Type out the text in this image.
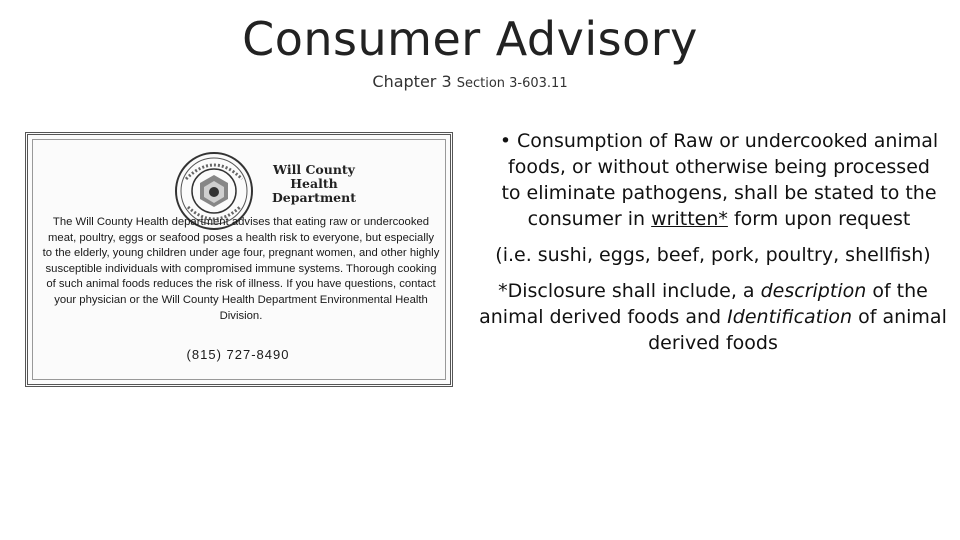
Consumer Advisory
Chapter 3 Section 3-603.11
Will County
Health
Department
The Will County Health department advises that eating raw or undercooked meat, poultry, eggs or seafood poses a health risk to everyone, but especially to the elderly, young children under age four, pregnant women, and other highly susceptible individuals with compromised immune systems. Thorough cooking of such animal foods reduces the risk of illness. If you have questions, contact your physician or the Will County Health Department Environmental Health Division.
(815) 727-8490
• Consumption of Raw or undercooked animal foods, or without otherwise being processed to eliminate pathogens, shall be stated to the consumer in written* form upon request
(i.e. sushi, eggs, beef, pork, poultry, shellfish)
*Disclosure shall include, a description of the animal derived foods and Identification of animal derived foods
